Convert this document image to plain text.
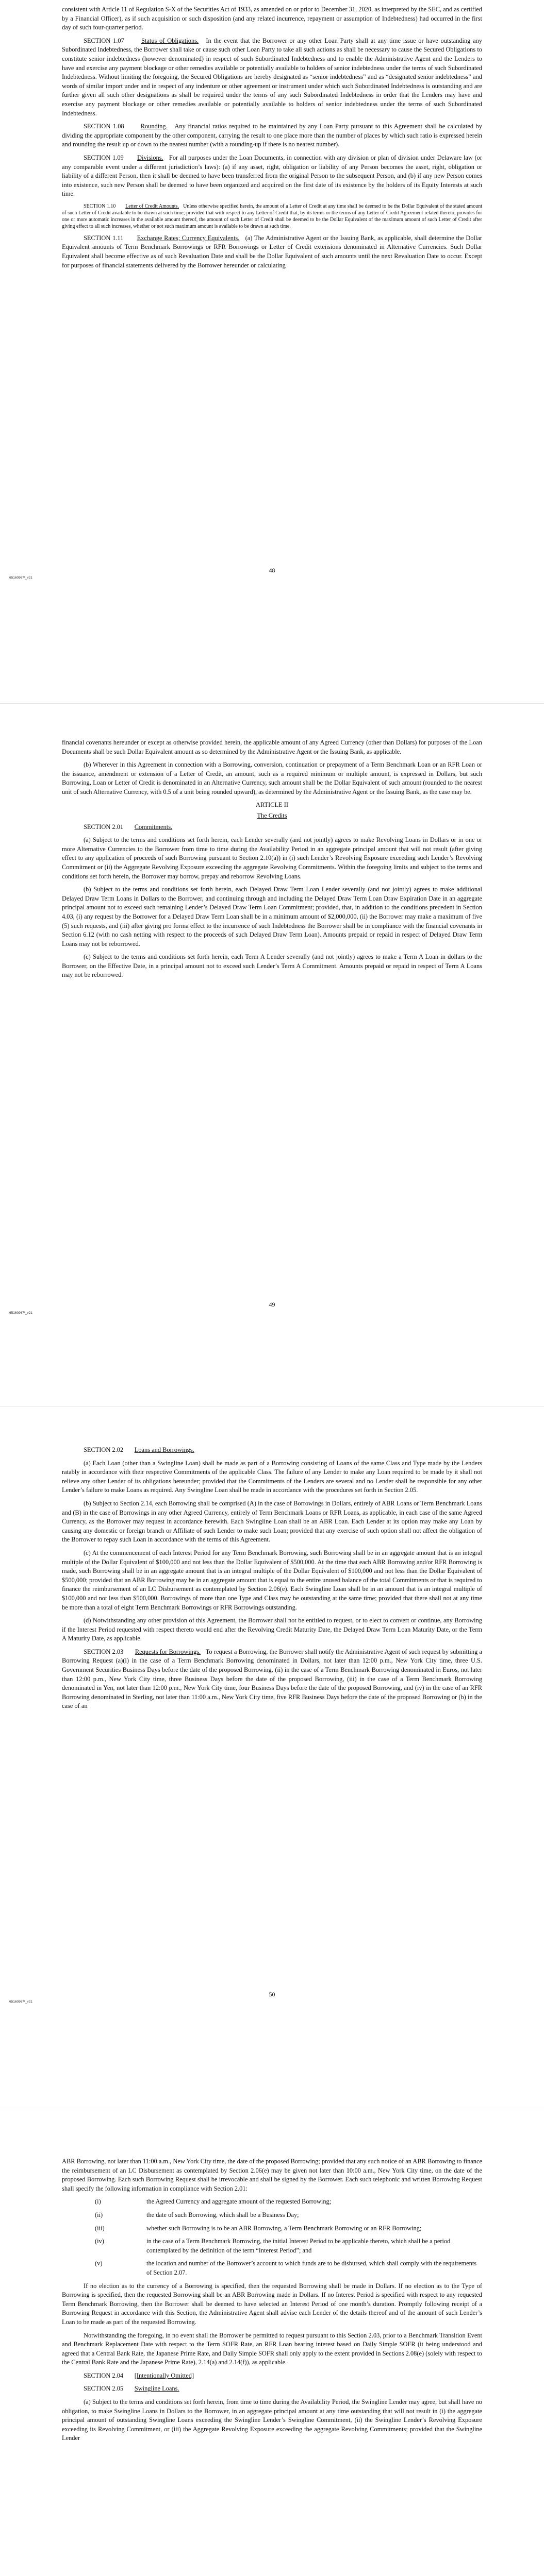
consistent with Article 11 of Regulation S-X of the Securities Act of 1933, as amended on or prior to December 31, 2020, as interpreted by the SEC, and as certified by a Financial Officer), as if such acquisition or such disposition (and any related incurrence, repayment or assumption of Indebtedness) had occurred in the first day of such four-quarter period.

SECTION 1.07	Status of Obligations. In the event that the Borrower or any other Loan Party shall at any time issue or have outstanding any Subordinated Indebtedness, the Borrower shall take or cause such other Loan Party to take all such actions as shall be necessary to cause the Secured Obligations to constitute senior indebtedness (however denominated) in respect of such Subordinated Indebtedness and to enable the Administrative Agent and the Lenders to have and exercise any payment blockage or other remedies available or potentially available to holders of senior indebtedness under the terms of such Subordinated Indebtedness. Without limiting the foregoing, the Secured Obligations are hereby designated as “senior indebtedness” and as “designated senior indebtedness” and words of similar import under and in respect of any indenture or other agreement or instrument under which such Subordinated Indebtedness is outstanding and are further given all such other designations as shall be required under the terms of any such Subordinated Indebtedness in order that the Lenders may have and exercise any payment blockage or other remedies available or potentially available to holders of senior indebtedness under the terms of such Subordinated Indebtedness.

SECTION 1.08	Rounding. Any financial ratios required to be maintained by any Loan Party pursuant to this Agreement shall be calculated by dividing the appropriate component by the other component, carrying the result to one place more than the number of places by which such ratio is expressed herein and rounding the result up or down to the nearest number (with a rounding-up if there is no nearest number).

SECTION 1.09 Divisions. For all purposes under the Loan Documents, in connection with any division or plan of division under Delaware law (or any comparable event under a different jurisdiction’s laws): (a) if any asset, right, obligation or liability of any Person becomes the asset, right, obligation or liability of a different Person, then it shall be deemed to have been transferred from the original Person to the subsequent Person, and (b) if any new Person comes into existence, such new Person shall be deemed to have been organized and acquired on the first date of its existence by the holders of its Equity Interests at such time.

SECTION 1.10 Letter of Credit Amounts. Unless otherwise specified herein, the amount of a Letter of Credit at any time shall be deemed to be the Dollar Equivalent of the stated amount of such Letter of Credit available to be drawn at such time; provided that with respect to any Letter of Credit that, by its terms or the terms of any Letter of Credit Agreement related thereto, provides for one or more automatic increases in the available amount thereof, the amount of such Letter of Credit shall be deemed to be the Dollar Equivalent of the maximum amount of such Letter of Credit after giving effect to all such increases, whether or not such maximum amount is available to be drawn at such time.

SECTION 1.11 Exchange Rates; Currency Equivalents. (a) The Administrative Agent or the Issuing Bank, as applicable, shall determine the Dollar Equivalent amounts of Term Benchmark Borrowings or RFR Borrowings or Letter of Credit extensions denominated in Alternative Currencies. Such Dollar Equivalent shall become effective as of such Revaluation Date and shall be the Dollar Equivalent of such amounts until the next Revaluation Date to occur. Except for purposes of financial statements delivered by the Borrower hereunder or calculating

48
65160967\_v21

financial covenants hereunder or except as otherwise provided herein, the applicable amount of any Agreed Currency (other than Dollars) for purposes of the Loan Documents shall be such Dollar Equivalent amount as so determined by the Administrative Agent or the Issuing Bank, as applicable.

(b) Wherever in this Agreement in connection with a Borrowing, conversion, continuation or prepayment of a Term Benchmark Loan or an RFR Loan or the issuance, amendment or extension of a Letter of Credit, an amount, such as a required minimum or multiple amount, is expressed in Dollars, but such Borrowing, Loan or Letter of Credit is denominated in an Alternative Currency, such amount shall be the Dollar Equivalent of such amount (rounded to the nearest unit of such Alternative Currency, with 0.5 of a unit being rounded upward), as determined by the Administrative Agent or the Issuing Bank, as the case may be.

ARTICLE II
The Credits

SECTION 2.01 Commitments.

(a) Subject to the terms and conditions set forth herein, each Lender severally (and not jointly) agrees to make Revolving Loans in Dollars or in one or more Alternative Currencies to the Borrower from time to time during the Availability Period in an aggregate principal amount that will not result (after giving effect to any application of proceeds of such Borrowing pursuant to Section 2.10(a)) in (i) such Lender’s Revolving Exposure exceeding such Lender’s Revolving Commitment or (ii) the Aggregate Revolving Exposure exceeding the aggregate Revolving Commitments. Within the foregoing limits and subject to the terms and conditions set forth herein, the Borrower may borrow, prepay and reborrow Revolving Loans.

(b) Subject to the terms and conditions set forth herein, each Delayed Draw Term Loan Lender severally (and not jointly) agrees to make additional Delayed Draw Term Loans in Dollars to the Borrower, and continuing through and including the Delayed Draw Term Loan Draw Expiration Date in an aggregate principal amount not to exceed such remaining Lender’s Delayed Draw Term Loan Commitment; provided, that, in addition to the conditions precedent in Section 4.03, (i) any request by the Borrower for a Delayed Draw Term Loan shall be in a minimum amount of $2,000,000, (ii) the Borrower may make a maximum of five (5) such requests, and (iii) after giving pro forma effect to the incurrence of such Indebtedness the Borrower shall be in compliance with the financial covenants in Section 6.12 (with no cash netting with respect to the proceeds of such Delayed Draw Term Loan). Amounts prepaid or repaid in respect of Delayed Draw Term Loans may not be reborrowed.

(c) Subject to the terms and conditions set forth herein, each Term A Lender severally (and not jointly) agrees to make a Term A Loan in dollars to the Borrower, on the Effective Date, in a principal amount not to exceed such Lender’s Term A Commitment. Amounts prepaid or repaid in respect of Term A Loans may not be reborrowed.

49
65160967\_v21

SECTION 2.02 Loans and Borrowings.

(a) Each Loan (other than a Swingline Loan) shall be made as part of a Borrowing consisting of Loans of the same Class and Type made by the Lenders ratably in accordance with their respective Commitments of the applicable Class. The failure of any Lender to make any Loan required to be made by it shall not relieve any other Lender of its obligations hereunder; provided that the Commitments of the Lenders are several and no Lender shall be responsible for any other Lender’s failure to make Loans as required. Any Swingline Loan shall be made in accordance with the procedures set forth in Section 2.05.

(b) Subject to Section 2.14, each Borrowing shall be comprised (A) in the case of Borrowings in Dollars, entirely of ABR Loans or Term Benchmark Loans and (B) in the case of Borrowings in any other Agreed Currency, entirely of Term Benchmark Loans or RFR Loans, as applicable, in each case of the same Agreed Currency, as the Borrower may request in accordance herewith. Each Swingline Loan shall be an ABR Loan. Each Lender at its option may make any Loan by causing any domestic or foreign branch or Affiliate of such Lender to make such Loan; provided that any exercise of such option shall not affect the obligation of the Borrower to repay such Loan in accordance with the terms of this Agreement.

(c) At the commencement of each Interest Period for any Term Benchmark Borrowing, such Borrowing shall be in an aggregate amount that is an integral multiple of the Dollar Equivalent of $100,000 and not less than the Dollar Equivalent of $500,000. At the time that each ABR Borrowing and/or RFR Borrowing is made, such Borrowing shall be in an aggregate amount that is an integral multiple of the Dollar Equivalent of $100,000 and not less than the Dollar Equivalent of $500,000; provided that an ABR Borrowing may be in an aggregate amount that is equal to the entire unused balance of the total Commitments or that is required to finance the reimbursement of an LC Disbursement as contemplated by Section 2.06(e). Each Swingline Loan shall be in an amount that is an integral multiple of $100,000 and not less than $500,000. Borrowings of more than one Type and Class may be outstanding at the same time; provided that there shall not at any time be more than a total of eight Term Benchmark Borrowings or RFR Borrowings outstanding.

(d) Notwithstanding any other provision of this Agreement, the Borrower shall not be entitled to request, or to elect to convert or continue, any Borrowing if the Interest Period requested with respect thereto would end after the Revolving Credit Maturity Date, the Delayed Draw Term Loan Maturity Date, or the Term A Maturity Date, as applicable.

SECTION 2.03 Requests for Borrowings. To request a Borrowing, the Borrower shall notify the Administrative Agent of such request by submitting a Borrowing Request (a)(i) in the case of a Term Benchmark Borrowing denominated in Dollars, not later than 12:00 p.m., New York City time, three U.S. Government Securities Business Days before the date of the proposed Borrowing, (ii) in the case of a Term Benchmark Borrowing denominated in Euros, not later than 12:00 p.m., New York City time, three Business Days before the date of the proposed Borrowing, (iii) in the case of a Term Benchmark Borrowing denominated in Yen, not later than 12:00 p.m., New York City time, four Business Days before the date of the proposed Borrowing, and (iv) in the case of an RFR Borrowing denominated in Sterling, not later than 11:00 a.m., New York City time, five RFR Business Days before the date of the proposed Borrowing or (b) in the case of an

50
65160967\_v21

ABR Borrowing, not later than 11:00 a.m., New York City time, the date of the proposed Borrowing; provided that any such notice of an ABR Borrowing to finance the reimbursement of an LC Disbursement as contemplated by Section 2.06(e) may be given not later than 10:00 a.m., New York City time, on the date of the proposed Borrowing. Each such Borrowing Request shall be irrevocable and shall be signed by the Borrower. Each such telephonic and written Borrowing Request shall specify the following information in compliance with Section 2.01:

(i)	the Agreed Currency and aggregate amount of the requested Borrowing;
(ii)	the date of such Borrowing, which shall be a Business Day;
(iii)	whether such Borrowing is to be an ABR Borrowing, a Term Benchmark Borrowing or an RFR Borrowing;
(iv)	in the case of a Term Benchmark Borrowing, the initial Interest Period to be applicable thereto, which shall be a period contemplated by the definition of the term “Interest Period”; and
(v)	the location and number of the Borrower’s account to which funds are to be disbursed, which shall comply with the requirements of Section 2.07.

If no election as to the currency of a Borrowing is specified, then the requested Borrowing shall be made in Dollars. If no election as to the Type of Borrowing is specified, then the requested Borrowing shall be an ABR Borrowing made in Dollars. If no Interest Period is specified with respect to any requested Term Benchmark Borrowing, then the Borrower shall be deemed to have selected an Interest Period of one month’s duration. Promptly following receipt of a Borrowing Request in accordance with this Section, the Administrative Agent shall advise each Lender of the details thereof and of the amount of such Lender’s Loan to be made as part of the requested Borrowing.

Notwithstanding the foregoing, in no event shall the Borrower be permitted to request pursuant to this Section 2.03, prior to a Benchmark Transition Event and Benchmark Replacement Date with respect to the Term SOFR Rate, an RFR Loan bearing interest based on Daily Simple SOFR (it being understood and agreed that a Central Bank Rate, the Japanese Prime Rate, and Daily Simple SOFR shall only apply to the extent provided in Sections 2.08(e) (solely with respect to the Central Bank Rate and the Japanese Prime Rate), 2.14(a) and 2.14(f)), as applicable.

SECTION 2.04 [Intentionally Omitted]

SECTION 2.05 Swingline Loans.

(a) Subject to the terms and conditions set forth herein, from time to time during the Availability Period, the Swingline Lender may agree, but shall have no obligation, to make Swingline Loans in Dollars to the Borrower, in an aggregate principal amount at any time outstanding that will not result in (i) the aggregate principal amount of outstanding Swingline Loans exceeding the Swingline Lender’s Swingline Commitment, (ii) the Swingline Lender’s Revolving Exposure exceeding its Revolving Commitment, or (iii) the Aggregate Revolving Exposure exceeding the aggregate Revolving Commitments; provided that the Swingline Lender
